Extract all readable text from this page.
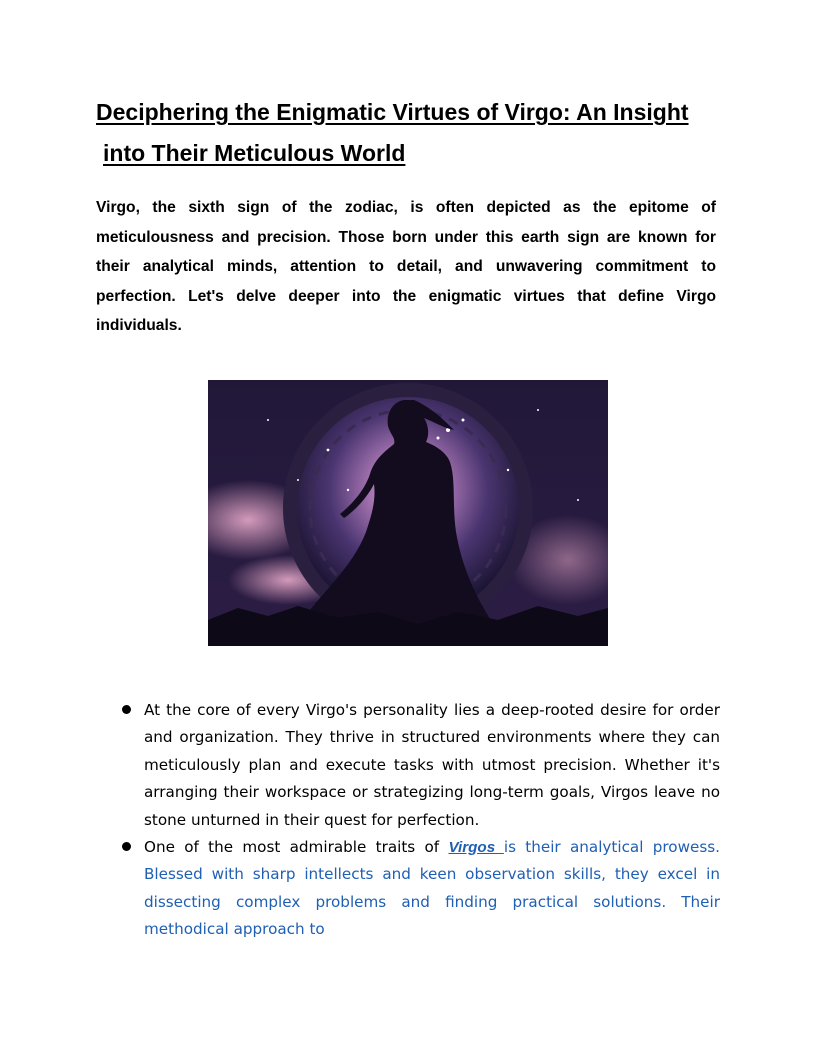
Deciphering the Enigmatic Virtues of Virgo: An Insight
into Their Meticulous World

Virgo, the sixth sign of the zodiac, is often depicted as the epitome of meticulousness and precision. Those born under this earth sign are known for their analytical minds, attention to detail, and unwavering commitment to perfection. Let's delve deeper into the enigmatic virtues that define Virgo individuals.

At the core of every Virgo's personality lies a deep-rooted desire for order and organization. They thrive in structured environments where they can meticulously plan and execute tasks with utmost precision. Whether it's arranging their workspace or strategizing long-term goals, Virgos leave no stone unturned in their quest for perfection.
One of the most admirable traits of Virgos is their analytical prowess. Blessed with sharp intellects and keen observation skills, they excel in dissecting complex problems and finding practical solutions. Their methodical approach to
